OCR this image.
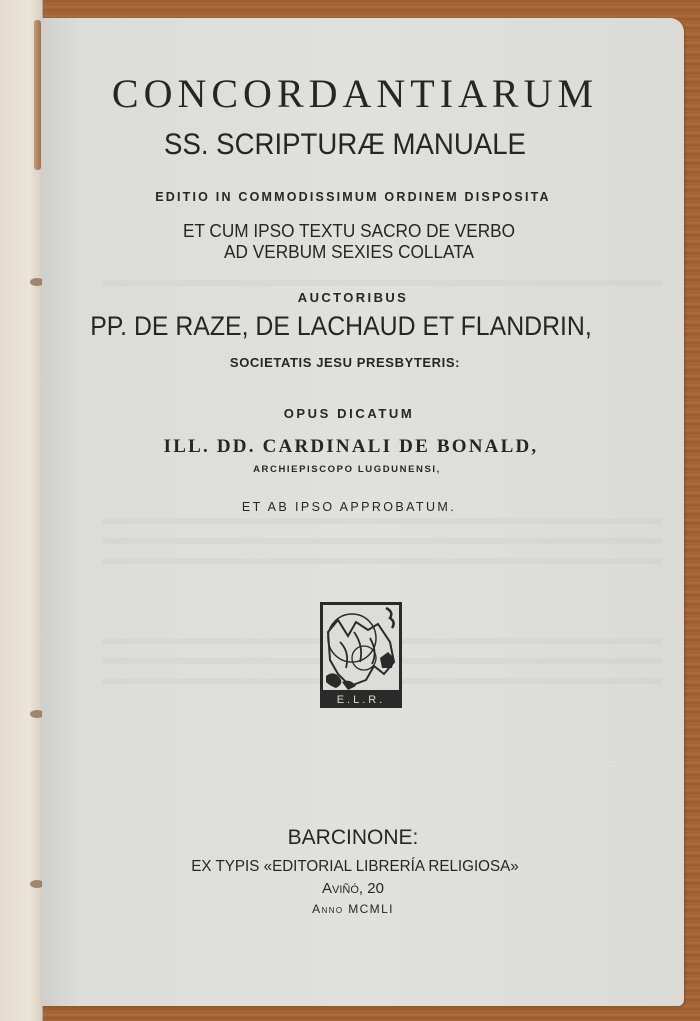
CONCORDANTIARUM
SS. SCRIPTURÆ MANUALE
EDITIO IN COMMODISSIMUM ORDINEM DISPOSITA
ET CUM IPSO TEXTU SACRO DE VERBO
AD VERBUM SEXIES COLLATA
AUCTORIBUS
PP. DE RAZE, DE LACHAUD ET FLANDRIN,
SOCIETATIS JESU PRESBYTERIS:
OPUS DICATUM
ILL. DD. CARDINALI DE BONALD,
ARCHIEPISCOPO LUGDUNENSI,
ET AB IPSO APPROBATUM.
E.L.R.
BARCINONE:
EX TYPIS «EDITORIAL LIBRERÍA RELIGIOSA»
Aviñó, 20
Anno MCMLI
